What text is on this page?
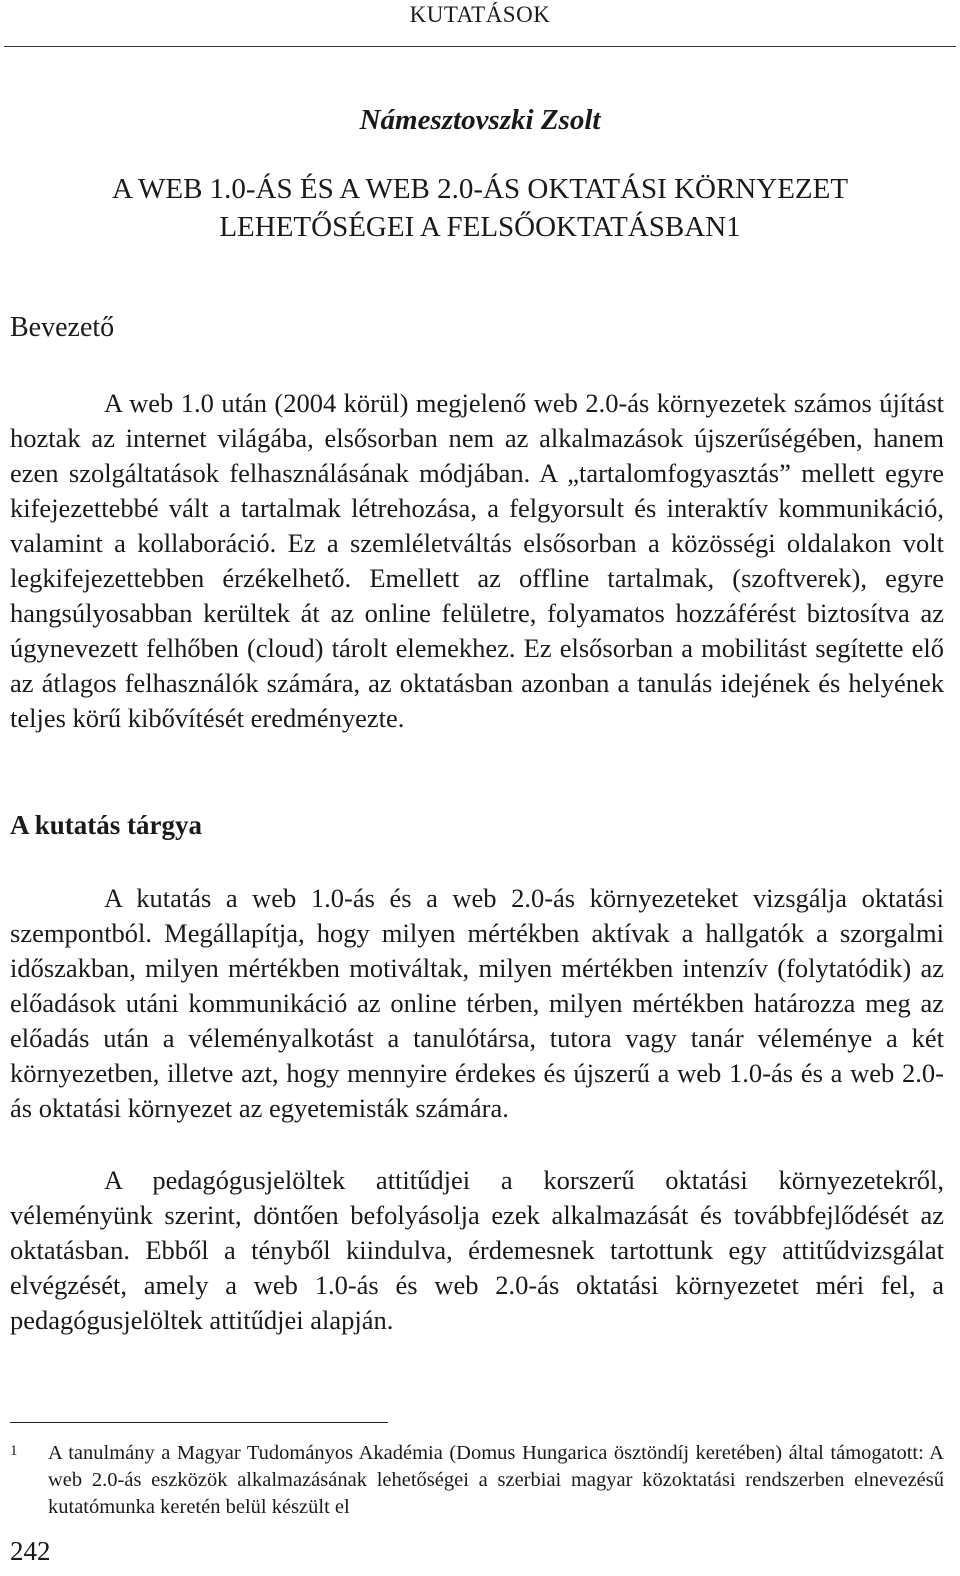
KUTATÁSOK
Námesztovszki Zsolt
A WEB 1.0-ÁS ÉS A WEB 2.0-ÁS OKTATÁSI KÖRNYEZET
LEHETŐSÉGEI A FELSŐOKTATÁSBAN1
Bevezető

A web 1.0 után (2004 körül) megjelenő web 2.0-ás környezetek számos újítást hoztak az internet világába, elsősorban nem az alkalmazások újszerűségében, hanem ezen szolgáltatások felhasználásának módjában. A „tartalomfogyasztás” mellett egyre kifejezettebbé vált a tartalmak létrehozása, a felgyorsult és interaktív kommunikáció, valamint a kollaboráció. Ez a szemléletváltás elsősorban a közösségi oldalakon volt legkifejezettebben érzékelhető. Emellett az offline tartalmak, (szoftverek), egyre hangsúlyosabban kerültek át az online felületre, folyamatos hozzáférést biztosítva az úgynevezett felhőben (cloud) tárolt elemekhez. Ez elsősorban a mobilitást segítette elő az átlagos felhasználók számára, az oktatásban azonban a tanulás idejének és helyének teljes körű kibővítését eredményezte.

A kutatás tárgya

A kutatás a web 1.0-ás és a web 2.0-ás környezeteket vizsgálja oktatási szempontból. Megállapítja, hogy milyen mértékben aktívak a hallgatók a szorgalmi időszakban, milyen mértékben motiváltak, milyen mértékben intenzív (folytatódik) az előadások utáni kommunikáció az online térben, milyen mértékben határozza meg az előadás után a véleményalkotást a tanulótársa, tutora vagy tanár véleménye a két környezetben, illetve azt, hogy mennyire érdekes és újszerű a web 1.0-ás és a web 2.0-ás oktatási környezet az egyetemisták számára.

A pedagógusjelöltek attitűdjei a korszerű oktatási környezetekről, véleményünk szerint, döntően befolyásolja ezek alkalmazását és továbbfejlődését az oktatásban. Ebből a tényből kiindulva, érdemesnek tartottunk egy attitűdvizsgálat elvégzését, amely a web 1.0-ás és web 2.0-ás oktatási környezetet méri fel, a pedagógusjelöltek attitűdjei alapján.

1 A tanulmány a Magyar Tudományos Akadémia (Domus Hungarica ösztöndíj keretében) által támogatott: A web 2.0-ás eszközök alkalmazásának lehetőségei a szerbiai magyar közoktatási rendszerben elnevezésű kutatómunka keretén belül készült el
242
